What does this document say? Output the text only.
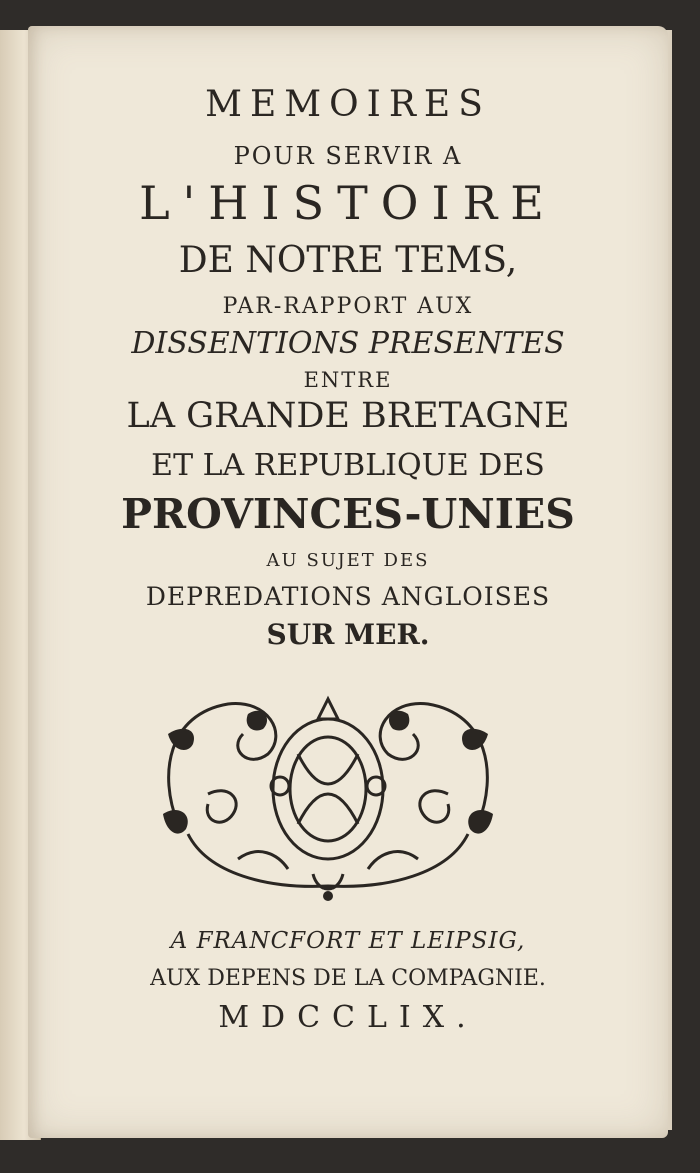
MEMOIRES

POUR SERVIR A

L'HISTOIRE

DE NOTRE TEMS,

PAR-RAPPORT AUX

DISSENTIONS PRESENTES

ENTRE

LA GRANDE BRETAGNE

ET LA REPUBLIQUE DES

PROVINCES-UNIES

AU SUJET DES

DEPREDATIONS ANGLOISES

SUR MER.

A FRANCFORT ET LEIPSIG,

AUX DEPENS DE LA COMPAGNIE.

MDCCLIX.
